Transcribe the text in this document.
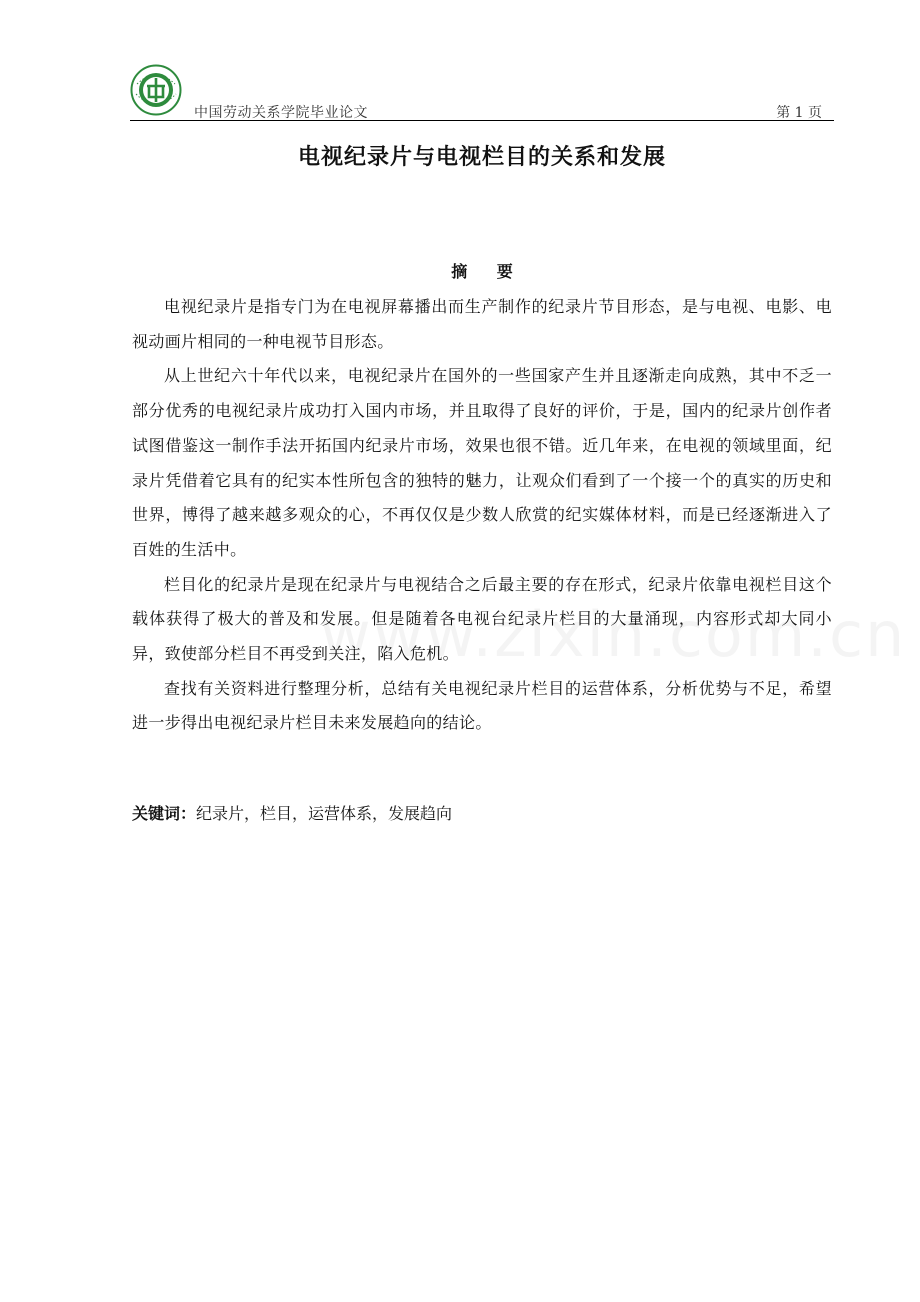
中国劳动关系学院毕业论文	第 1 页
电视纪录片与电视栏目的关系和发展
摘 要

电视纪录片是指专门为在电视屏幕播出而生产制作的纪录片节目形态，是与电视、电影、电视动画片相同的一种电视节目形态。

从上世纪六十年代以来，电视纪录片在国外的一些国家产生并且逐渐走向成熟，其中不乏一部分优秀的电视纪录片成功打入国内市场，并且取得了良好的评价，于是，国内的纪录片创作者试图借鉴这一制作手法开拓国内纪录片市场，效果也很不错。近几年来，在电视的领域里面，纪录片凭借着它具有的纪实本性所包含的独特的魅力，让观众们看到了一个接一个的真实的历史和世界，博得了越来越多观众的心，不再仅仅是少数人欣赏的纪实媒体材料，而是已经逐渐进入了百姓的生活中。

栏目化的纪录片是现在纪录片与电视结合之后最主要的存在形式，纪录片依靠电视栏目这个载体获得了极大的普及和发展。但是随着各电视台纪录片栏目的大量涌现，内容形式却大同小异，致使部分栏目不再受到关注，陷入危机。

查找有关资料进行整理分析，总结有关电视纪录片栏目的运营体系，分析优势与不足，希望进一步得出电视纪录片栏目未来发展趋向的结论。

关键词：纪录片，栏目，运营体系，发展趋向
